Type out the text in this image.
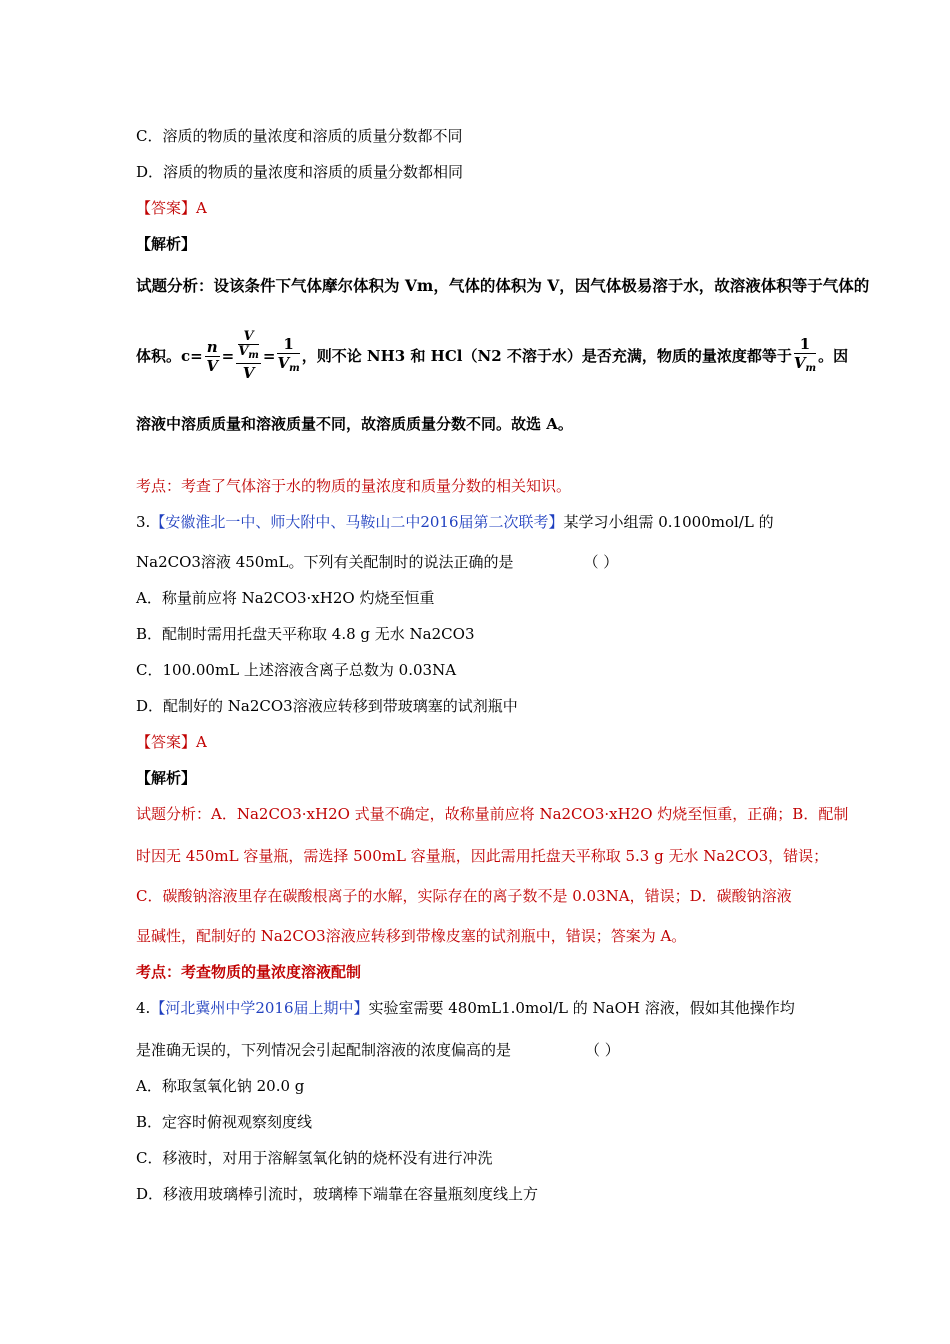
C．溶质的物质的量浓度和溶质的质量分数都不同
D．溶质的物质的量浓度和溶质的质量分数都相同
【答案】A
【解析】
试题分析：设该条件下气体摩尔体积为 Vm，气体的体积为 V，因气体极易溶于水，故溶液体积等于气体的
体积。$c= \frac{n}{V} = \frac{\frac{V}{V_m}}{V} = \frac{1}{V_m}$ ，则不论 NH3 和 HCl（N2 不溶于水）是否充满，物质的量浓度都等于 $\frac{1}{V_m}$ 。因
溶液中溶质质量和溶液质量不同，故溶质质量分数不同。故选 A。
考点：考查了气体溶于水的物质的量浓度和质量分数的相关知识。
3.【安徽淮北一中、师大附中、马鞍山二中2016届第二次联考】某学习小组需 0.1000mol/L 的
Na2CO3溶液 450mL。下列有关配制时的说法正确的是	（ ）
A．称量前应将 Na2CO3·xH2O 灼烧至恒重
B．配制时需用托盘天平称取 4.8 g 无水 Na2CO3
C．100.00mL 上述溶液含离子总数为 0.03NA
D．配制好的 Na2CO3溶液应转移到带玻璃塞的试剂瓶中
【答案】A
【解析】
试题分析：A．Na2CO3·xH2O 式量不确定，故称量前应将 Na2CO3·xH2O 灼烧至恒重，正确；B．配制
时因无 450mL 容量瓶，需选择 500mL 容量瓶，因此需用托盘天平称取 5.3 g 无水 Na2CO3，错误；
C．碳酸钠溶液里存在碳酸根离子的水解，实际存在的离子数不是 0.03NA，错误；D．碳酸钠溶液
显碱性，配制好的 Na2CO3溶液应转移到带橡皮塞的试剂瓶中，错误；答案为 A。
考点：考查物质的量浓度溶液配制
4.【河北冀州中学2016届上期中】实验室需要 480mL1.0mol/L 的 NaOH 溶液，假如其他操作均
是准确无误的，下列情况会引起配制溶液的浓度偏高的是	（ ）
A．称取氢氧化钠 20.0 g
B．定容时俯视观察刻度线
C．移液时，对用于溶解氢氧化钠的烧杯没有进行冲洗
D．移液用玻璃棒引流时，玻璃棒下端靠在容量瓶刻度线上方
